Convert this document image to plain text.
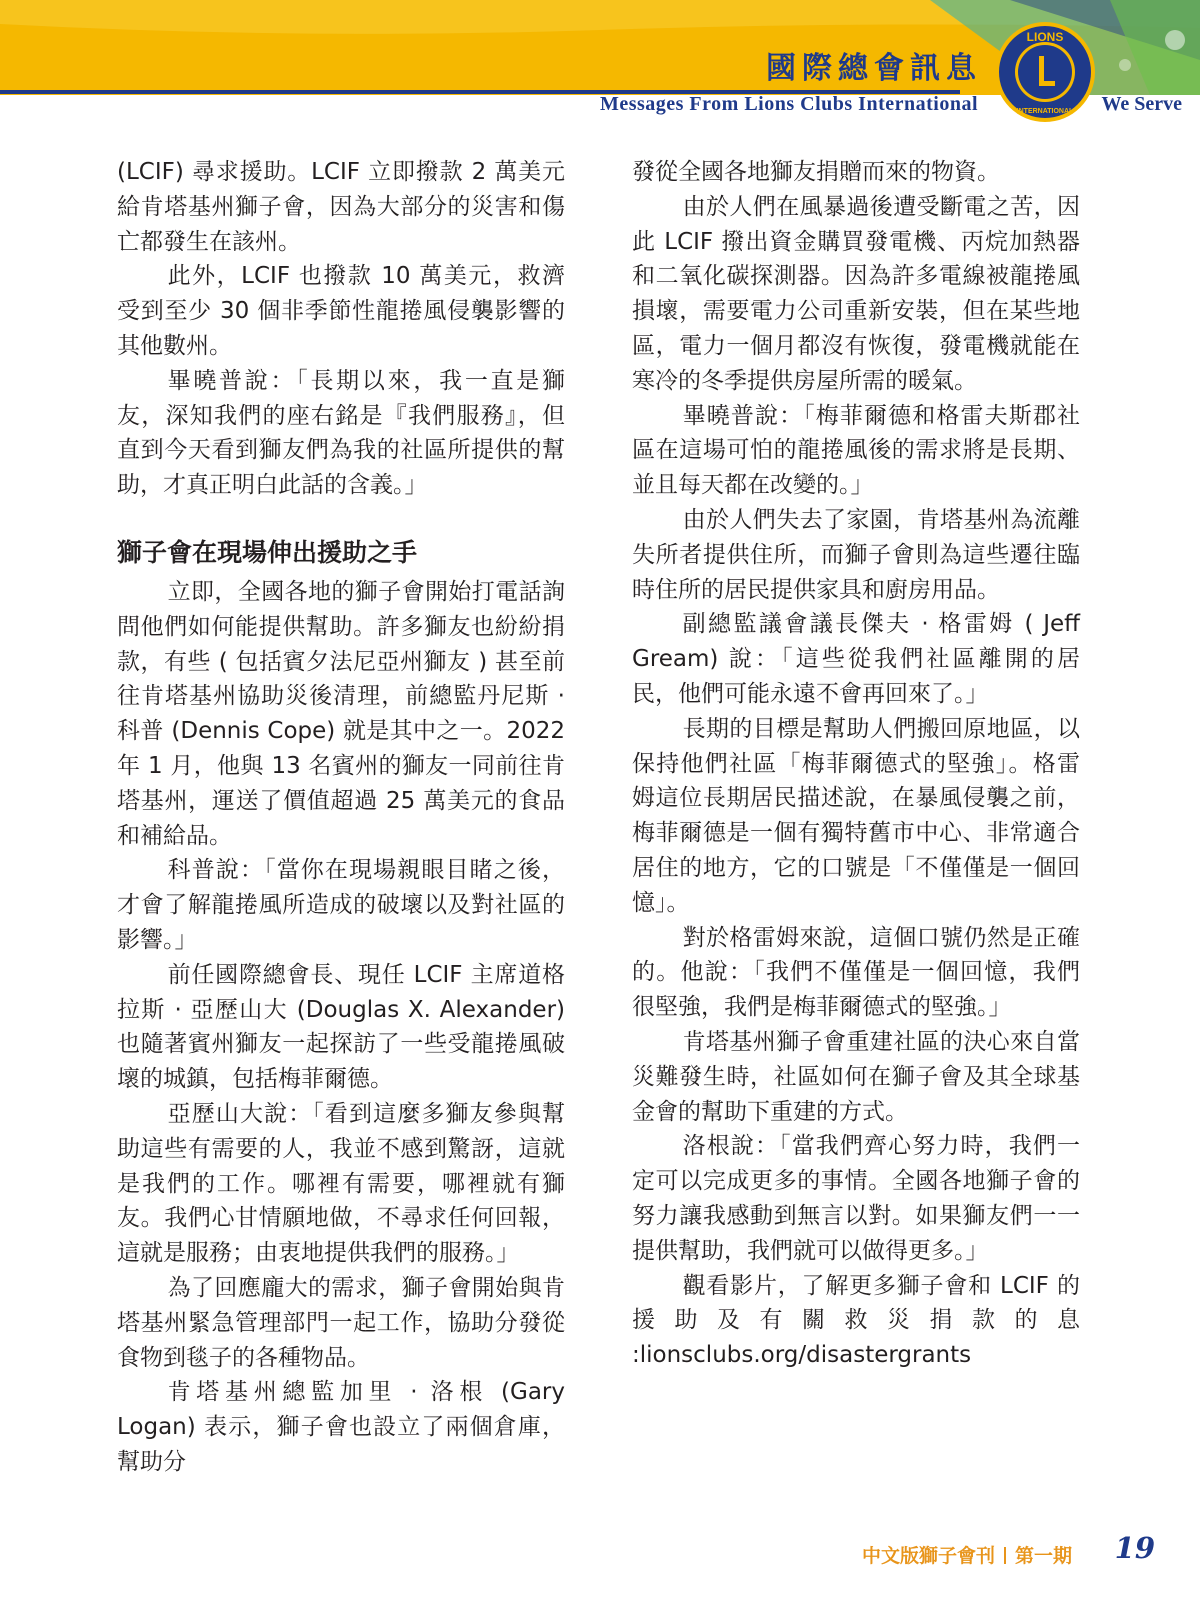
國際總會訊息
Messages From Lions Clubs International
LIONS
INTERNATIONAL We Serve

(LCIF) 尋求援助。LCIF 立即撥款 2 萬美元給肯塔基州獅子會，因為大部分的災害和傷亡都發生在該州。

此外，LCIF 也撥款 10 萬美元，救濟受到至少 30 個非季節性龍捲風侵襲影響的其他數州。

畢曉普說：「長期以來，我一直是獅友，深知我們的座右銘是『我們服務』，但直到今天看到獅友們為我的社區所提供的幫助，才真正明白此話的含義。」

獅子會在現場伸出援助之手

立即，全國各地的獅子會開始打電話詢問他們如何能提供幫助。許多獅友也紛紛捐款，有些 ( 包括賓夕法尼亞州獅友 ) 甚至前往肯塔基州協助災後清理，前總監丹尼斯 · 科普 (Dennis Cope) 就是其中之一。2022 年 1 月，他與 13 名賓州的獅友一同前往肯塔基州，運送了價值超過 25 萬美元的食品和補給品。

科普說：「當你在現場親眼目睹之後，才會了解龍捲風所造成的破壞以及對社區的影響。」

前任國際總會長、現任 LCIF 主席道格拉斯 · 亞歷山大 (Douglas X. Alexander) 也隨著賓州獅友一起探訪了一些受龍捲風破壞的城鎮，包括梅菲爾德。

亞歷山大說：「看到這麼多獅友參與幫助這些有需要的人，我並不感到驚訝，這就是我們的工作。哪裡有需要，哪裡就有獅友。我們心甘情願地做，不尋求任何回報，這就是服務；由衷地提供我們的服務。」

為了回應龐大的需求，獅子會開始與肯塔基州緊急管理部門一起工作，協助分發從食物到毯子的各種物品。

肯塔基州總監加里 · 洛根 (Gary Logan) 表示，獅子會也設立了兩個倉庫，幫助分

發從全國各地獅友捐贈而來的物資。

由於人們在風暴過後遭受斷電之苦，因此 LCIF 撥出資金購買發電機、丙烷加熱器和二氧化碳探測器。因為許多電線被龍捲風損壞，需要電力公司重新安裝，但在某些地區，電力一個月都沒有恢復，發電機就能在寒冷的冬季提供房屋所需的暖氣。

畢曉普說：「梅菲爾德和格雷夫斯郡社區在這場可怕的龍捲風後的需求將是長期、並且每天都在改變的。」

由於人們失去了家園，肯塔基州為流離失所者提供住所，而獅子會則為這些遷往臨時住所的居民提供家具和廚房用品。

副總監議會議長傑夫 · 格雷姆 ( Jeff Gream) 說：「這些從我們社區離開的居民，他們可能永遠不會再回來了。」

長期的目標是幫助人們搬回原地區，以保持他們社區「梅菲爾德式的堅強」。格雷姆這位長期居民描述說，在暴風侵襲之前，梅菲爾德是一個有獨特舊市中心、非常適合居住的地方，它的口號是「不僅僅是一個回憶」。

對於格雷姆來說，這個口號仍然是正確的。他說：「我們不僅僅是一個回憶，我們很堅強，我們是梅菲爾德式的堅強。」

肯塔基州獅子會重建社區的決心來自當災難發生時，社區如何在獅子會及其全球基金會的幫助下重建的方式。

洛根說：「當我們齊心努力時，我們一定可以完成更多的事情。全國各地獅子會的努力讓我感動到無言以對。如果獅友們一一提供幫助，我們就可以做得更多。」

觀看影片，了解更多獅子會和 LCIF 的援助及有關救災捐款的息 :lionsclubs.org/disastergrants

中文版獅子會刊 第一期 19
